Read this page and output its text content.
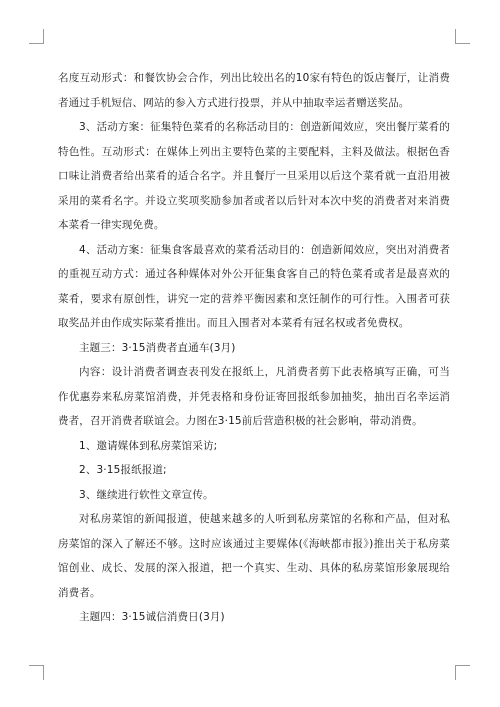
名度互动形式：和餐饮协会合作，列出比较出名的10家有特色的饭店餐厅，让消费者通过手机短信、网站的参入方式进行投票，并从中抽取幸运者赠送奖品。

3、活动方案：征集特色菜肴的名称活动目的：创造新闻效应，突出餐厅菜肴的特色性。互动形式：在媒体上列出主要特色菜的主要配料，主料及做法。根据色香口味让消费者给出菜肴的适合名字。并且餐厅一旦采用以后这个菜肴就一直沿用被采用的菜肴名字。并设立奖项奖励参加者或者以后针对本次中奖的消费者对来消费本菜肴一律实现免费。

4、活动方案：征集食客最喜欢的菜肴活动目的：创造新闻效应，突出对消费者的重视互动方式：通过各种媒体对外公开征集食客自己的特色菜肴或者是最喜欢的菜肴，要求有原创性，讲究一定的营养平衡因素和烹饪制作的可行性。入围者可获取奖品并由作成实际菜肴推出。而且入围者对本菜肴有冠名权或者免费权。

主题三：3·15消费者直通车(3月)

内容：设计消费者调查表刊发在报纸上，凡消费者剪下此表格填写正确，可当作优惠券来私房菜馆消费，并凭表格和身份证寄回报纸参加抽奖，抽出百名幸运消费者，召开消费者联谊会。力图在3·15前后营造积极的社会影响，带动消费。

1、邀请媒体到私房菜馆采访;

2、3·15报纸报道;

3、继续进行软性文章宣传。

对私房菜馆的新闻报道，使越来越多的人听到私房菜馆的名称和产品，但对私房菜馆的深入了解还不够。这时应该通过主要媒体(《海峡都市报》)推出关于私房菜馆创业、成长、发展的深入报道，把一个真实、生动、具体的私房菜馆形象展现给消费者。

主题四：3·15诚信消费日(3月)
